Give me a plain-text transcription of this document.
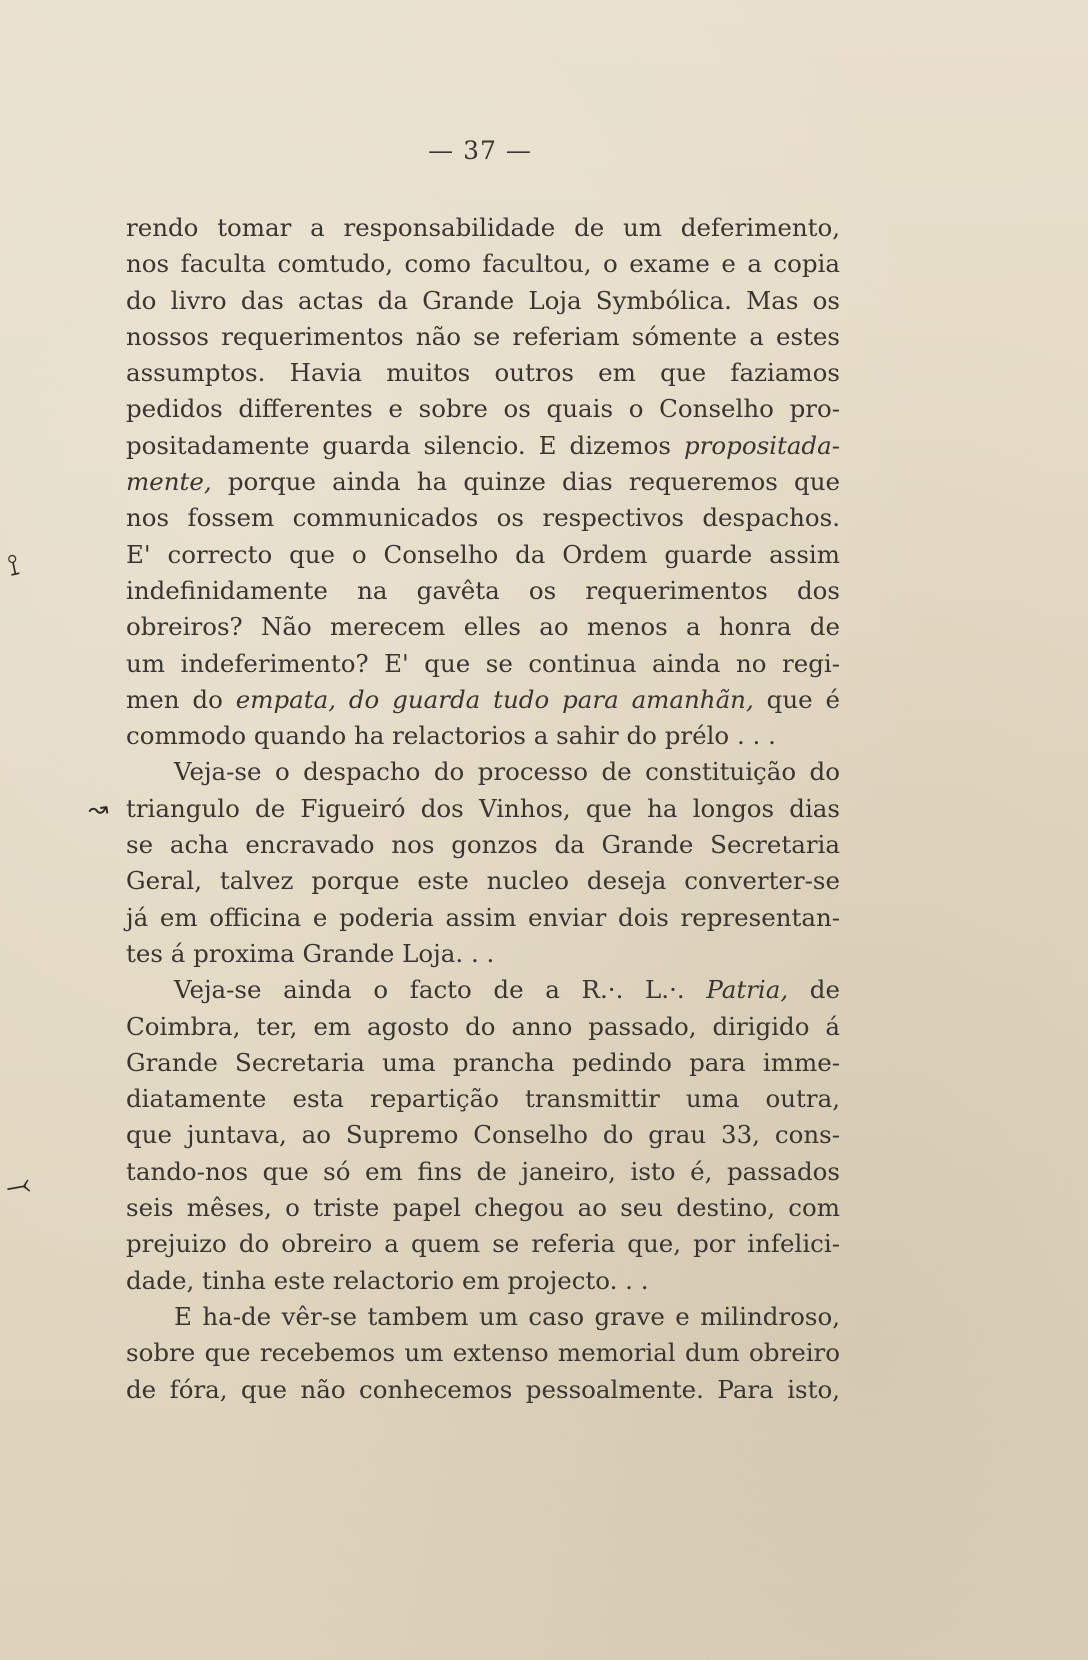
— 37 —
⟟
↝
⤙
rendo tomar a responsabilidade de um deferimento,
nos faculta comtudo, como facultou, o exame e a copia
do livro das actas da Grande Loja Symbólica. Mas os
nossos requerimentos não se referiam sómente a estes
assumptos. Havia muitos outros em que faziamos
pedidos differentes e sobre os quais o Conselho pro-
positadamente guarda silencio. E dizemos propositada-
mente, porque ainda ha quinze dias requeremos que
nos fossem communicados os respectivos despachos.
E' correcto que o Conselho da Ordem guarde assim
indefinidamente na gavêta os requerimentos dos
obreiros? Não merecem elles ao menos a honra de
um indeferimento? E' que se continua ainda no regi-
men do empata, do guarda tudo para amanhãn, que é
commodo quando ha relactorios a sahir do prélo . . .
Veja-se o despacho do processo de constituição do
triangulo de Figueiró dos Vinhos, que ha longos dias
se acha encravado nos gonzos da Grande Secretaria
Geral, talvez porque este nucleo deseja converter-se
já em officina e poderia assim enviar dois representan-
tes á proxima Grande Loja. . .
Veja-se ainda o facto de a R.·. L.·. Patria, de
Coimbra, ter, em agosto do anno passado, dirigido á
Grande Secretaria uma prancha pedindo para imme-
diatamente esta repartição transmittir uma outra,
que juntava, ao Supremo Conselho do grau 33, cons-
tando-nos que só em fins de janeiro, isto é, passados
seis mêses, o triste papel chegou ao seu destino, com
prejuizo do obreiro a quem se referia que, por infelici-
dade, tinha este relactorio em projecto. . .
E ha-de vêr-se tambem um caso grave e milindroso,
sobre que recebemos um extenso memorial dum obreiro
de fóra, que não conhecemos pessoalmente. Para isto,
